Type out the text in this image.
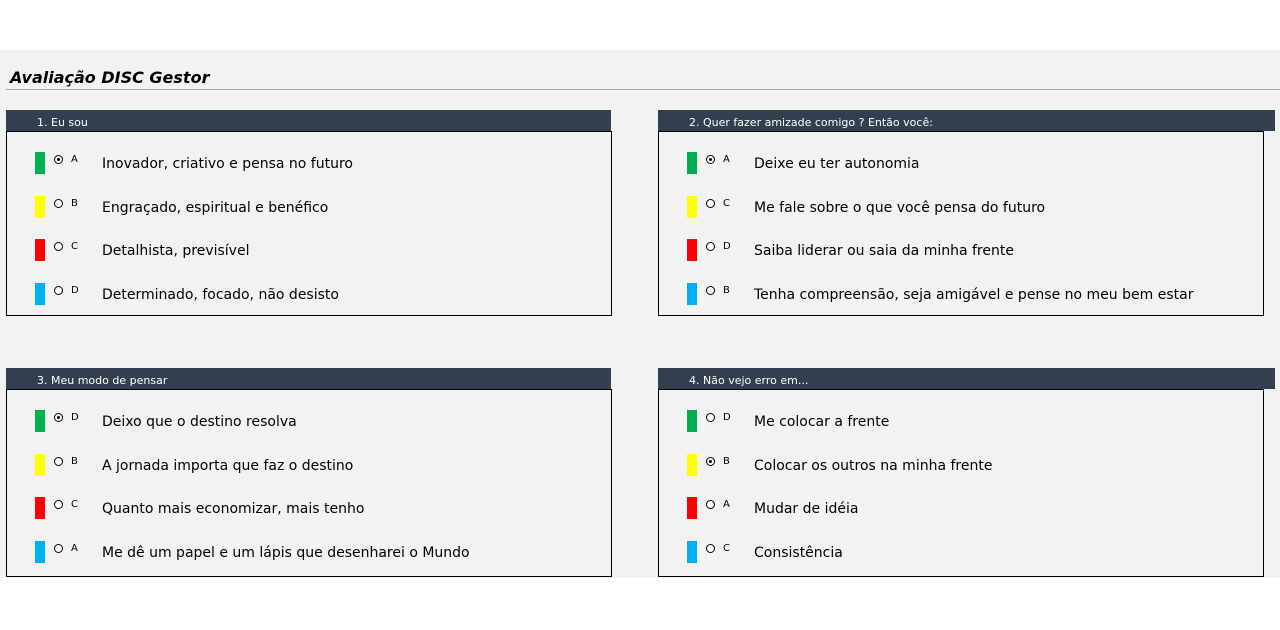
Avaliação DISC Gestor
1. Eu sou
A Inovador, criativo e pensa no futuro
B Engraçado, espiritual e benéfico
C Detalhista, previsível
D Determinado, focado, não desisto
2. Quer fazer amizade comigo ? Então você:
A Deixe eu ter autonomia
C Me fale sobre o que você pensa do futuro
D Saiba liderar ou saia da minha frente
B Tenha compreensão, seja amigável e pense no meu bem estar
3. Meu modo de pensar
D Deixo que o destino resolva
B A jornada importa que faz o destino
C Quanto mais economizar, mais tenho
A Me dê um papel e um lápis que desenharei o Mundo
4. Não vejo erro em...
D Me colocar a frente
B Colocar os outros na minha frente
A Mudar de idéia
C Consistência
